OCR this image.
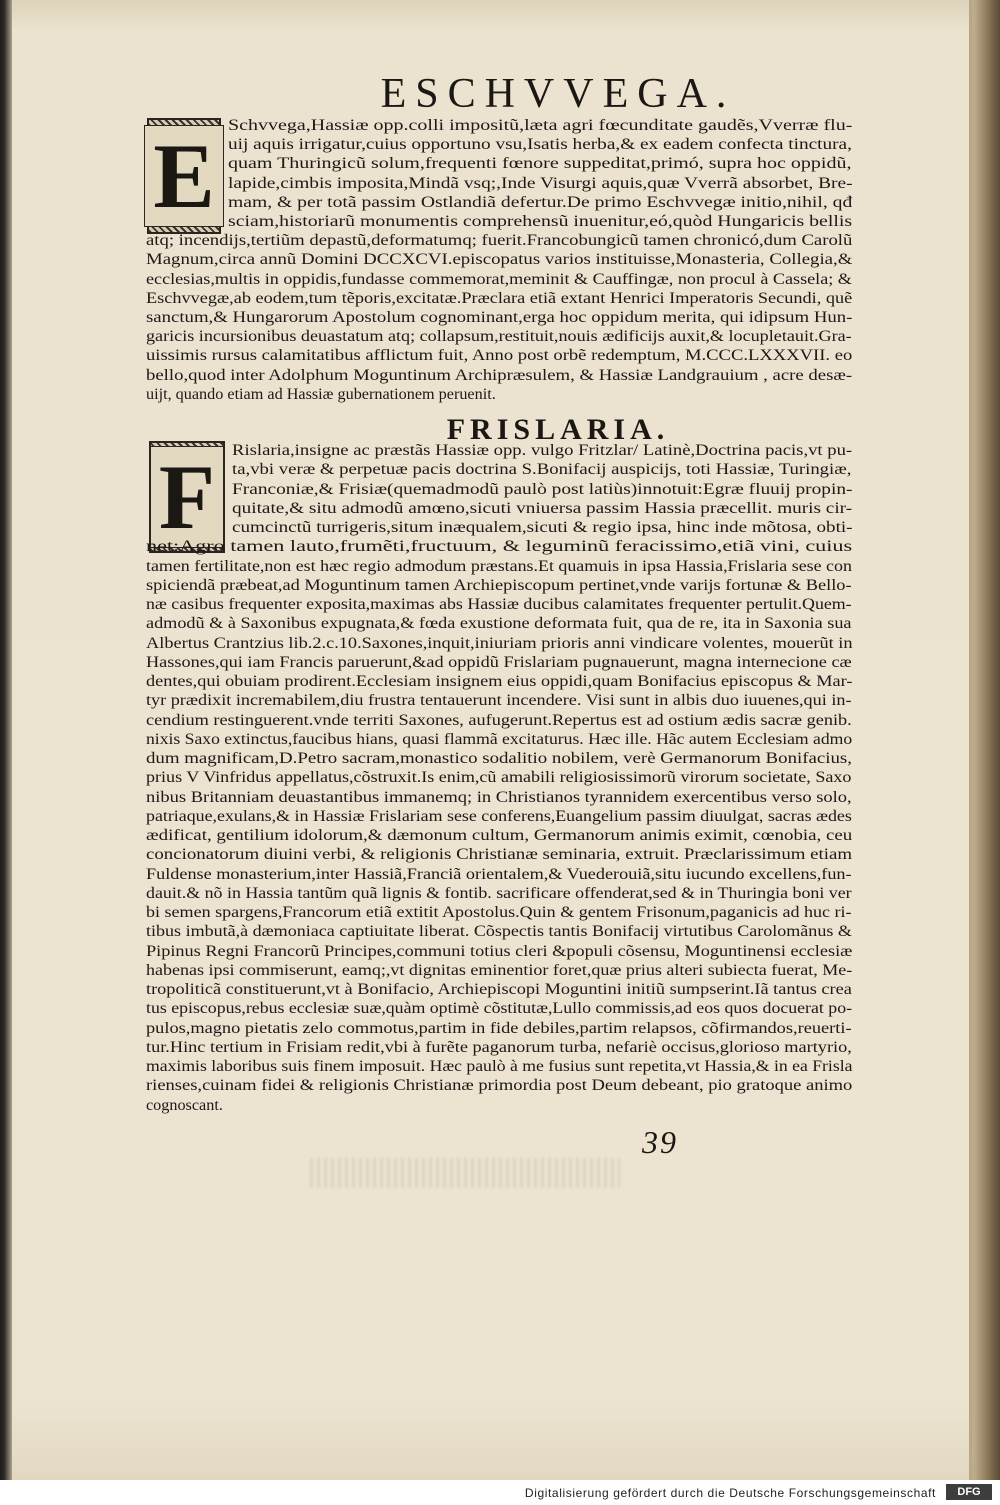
ESCHVVEGA.
E Schvvega,Hassiæ opp.colli impositũ,læta agri fœcunditate gaudẽs,Vverræ flu-
uij aquis irrigatur,cuius opportuno vsu,Isatis herba,& ex eadem confecta tinctura,
quam Thuringicũ solum,frequenti fœnore suppeditat,primó, supra hoc oppidũ,
lapide,cimbis imposita,Mindã vsq;,Inde Visurgi aquis,quæ Vverrã absorbet, Bre-
mam, & per totã passim Ostlandiã defertur.De primo Eschvvegæ initio,nihil, qđ
sciam,historiarũ monumentis comprehensũ inuenitur,eó,quòd Hungaricis bellis
atq; incendijs,tertiũm depastũ,deformatumq; fuerit.Francobungicũ tamen chronicó,dum Carolũ
Magnum,circa annũ Domini DCCXCVI.episcopatus varios instituisse,Monasteria, Collegia,&
ecclesias,multis in oppidis,fundasse commemorat,meminit & Cauffingæ, non procul à Cassela; &
Eschvvegæ,ab eodem,tum tẽporis,excitatæ.Præclara etiã extant Henrici Imperatoris Secundi, quẽ
sanctum,& Hungarorum Apostolum cognominant,erga hoc oppidum merita, qui idipsum Hun-
garicis incursionibus deuastatum atq; collapsum,restituit,nouis ædificijs auxit,& locupletauit.Gra-
uissimis rursus calamitatibus afflictum fuit, Anno post orbẽ redemptum, M.CCC.LXXXVII. eo
bello,quod inter Adolphum Moguntinum Archipræsulem, & Hassiæ Landgrauium , acre desæ-
uijt, quando etiam ad Hassiæ gubernationem peruenit.
FRISLARIA.
F	Rislaria,insigne ac præstãs Hassiæ opp. vulgo Fritzlar/ Latinè,Doctrina pacis,vt pu-
ta,vbi veræ & perpetuæ pacis doctrina S.Bonifacij auspicijs, toti Hassiæ, Turingiæ,
Franconiæ,& Frisiæ(quemadmodũ paulò post latiùs)innotuit:Egræ fluuij propin-
quitate,& situ admodũ amœno,sicuti vniuersa passim Hassia præcellit. muris cir-
cumcinctũ turrigeris,situm inæqualem,sicuti & regio ipsa, hinc inde mõtosa, obti-
net:Agro tamen lauto,frumẽti,fructuum, & leguminũ feracissimo,etiã vini, cuius
tamen fertilitate,non est hæc regio admodum præstans.Et quamuis in ipsa Hassia,Frislaria sese con
spiciendã præbeat,ad Moguntinum tamen Archiepiscopum pertinet,vnde varijs fortunæ & Bello-
næ casibus frequenter exposita,maximas abs Hassiæ ducibus calamitates frequenter pertulit.Quem-
admodũ & à Saxonibus expugnata,& fœda exustione deformata fuit, qua de re, ita in Saxonia sua
Albertus Crantzius lib.2.c.10.Saxones,inquit,iniuriam prioris anni vindicare volentes, mouerũt in
Hassones,qui iam Francis paruerunt,&ad oppidũ Frislariam pugnauerunt, magna internecione cæ
dentes,qui obuiam prodirent.Ecclesiam insignem eius oppidi,quam Bonifacius episcopus & Mar-
tyr prædixit incremabilem,diu frustra tentauerunt incendere. Visi sunt in albis duo iuuenes,qui in-
cendium restinguerent.vnde territi Saxones, aufugerunt.Repertus est ad ostium ædis sacræ genib.
nixis Saxo extinctus,faucibus hians, quasi flammã excitaturus. Hæc ille. Hãc autem Ecclesiam admo
dum magnificam,D.Petro sacram,monastico sodalitio nobilem, verè Germanorum Bonifacius,
prius V Vinfridus appellatus,cõstruxit.Is enim,cũ amabili religiosissimorũ virorum societate, Saxo
nibus Britanniam deuastantibus immanemq; in Christianos tyrannidem exercentibus verso solo,
patriaque,exulans,& in Hassiæ Frislariam sese conferens,Euangelium passim diuulgat, sacras ædes
ædificat, gentilium idolorum,& dæmonum cultum, Germanorum animis eximit, cœnobia, ceu
concionatorum diuini verbi, & religionis Christianæ seminaria, extruit. Præclarissimum etiam
Fuldense monasterium,inter Hassiã,Franciã orientalem,& Vuederouiã,situ iucundo excellens,fun-
dauit.& nõ in Hassia tantũm quã lignis & fontib. sacrificare offenderat,sed & in Thuringia boni ver
bi semen spargens,Francorum etiã extitit Apostolus.Quin & gentem Frisonum,paganicis ad huc ri-
tibus imbutã,à dæmoniaca captiuitate liberat. Cõspectis tantis Bonifacij virtutibus Carolomãnus &
Pipinus Regni Francorũ Principes,communi totius cleri &populi cõsensu, Moguntinensi ecclesiæ
habenas ipsi commiserunt, eamq;,vt dignitas eminentior foret,quæ prius alteri subiecta fuerat, Me-
tropoliticã constituerunt,vt à Bonifacio, Archiepiscopi Moguntini initiũ sumpserint.Iã tantus crea
tus episcopus,rebus ecclesiæ suæ,quàm optimè cõstitutæ,Lullo commissis,ad eos quos docuerat po-
pulos,magno pietatis zelo commotus,partim in fide debiles,partim relapsos, cõfirmandos,reuerti-
tur.Hinc tertium in Frisiam redit,vbi à furẽte paganorum turba, nefariè occisus,glorioso martyrio,
maximis laboribus suis finem imposuit. Hæc paulò à me fusius sunt repetita,vt Hassia,& in ea Frisla
rienses,cuinam fidei & religionis Christianæ primordia post Deum debeant, pio gratoque animo
cognoscant.
39
Digitalisierung gefördert durch die Deutsche Forschungsgemeinschaft	DFG
